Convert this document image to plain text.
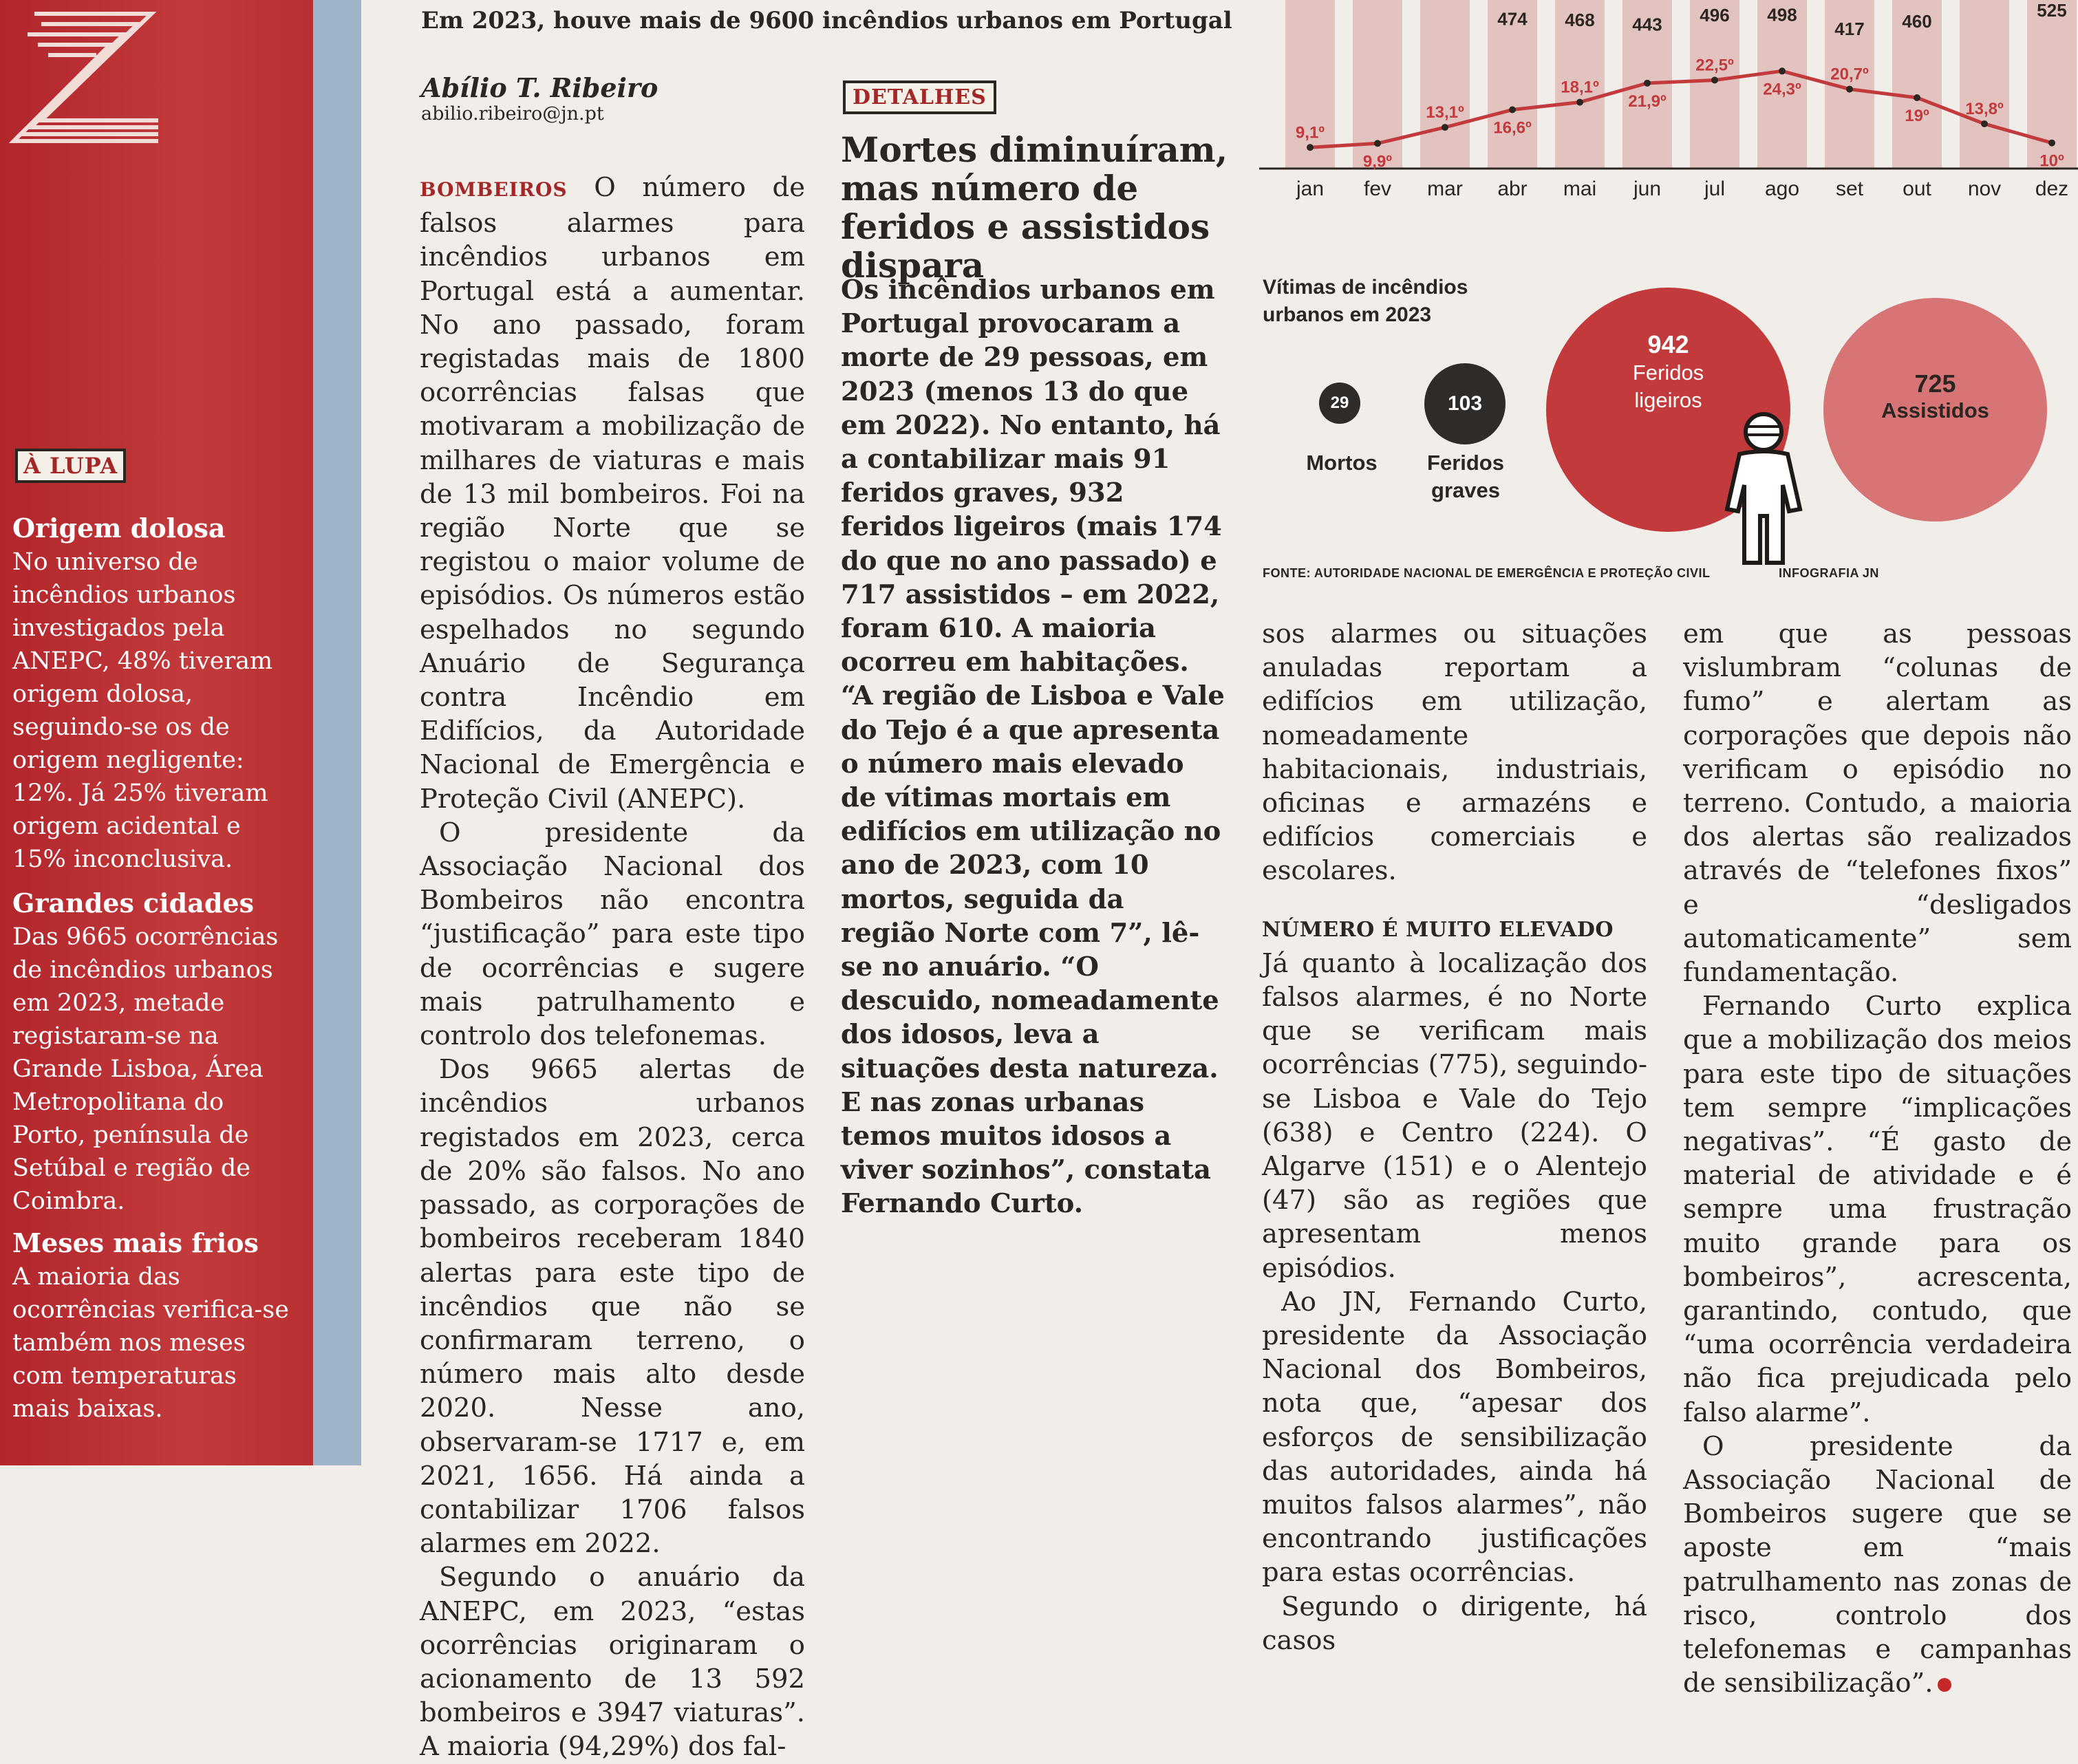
À LUPA
Origem dolosa
No universo de incêndios urbanos investigados pela ANEPC, 48% tiveram origem dolosa, seguindo-se os de origem negligente: 12%. Já 25% tiveram origem acidental e 15% inconclusiva.
Grandes cidades
Das 9665 ocorrências de incêndios urbanos em 2023, metade registaram-se na Grande Lisboa, Área Metropolitana do Porto, península de Setúbal e região de Coimbra.
Meses mais frios
A maioria das ocorrências verifica-se também nos meses com temperaturas mais baixas.
Em 2023, houve mais de 9600 incêndios urbanos em Portugal
Abílio T. Ribeiro
abilio.ribeiro@jn.pt

BOMBEIROS O número de falsos alarmes para incêndios urbanos em Portugal está a aumentar. No ano passado, foram registadas mais de 1800 ocorrências falsas que motivaram a mobilização de milhares de viaturas e mais de 13 mil bombeiros. Foi na região Norte que se registou o maior volume de episódios. Os números estão espelhados no segundo Anuário de Segurança contra Incêndio em Edifícios, da Autoridade Nacional de Emergência e Proteção Civil (ANEPC).

O presidente da Associação Nacional dos Bombeiros não encontra “justificação” para este tipo de ocorrências e sugere mais patrulhamento e controlo dos telefonemas.

Dos 9665 alertas de incêndios urbanos registados em 2023, cerca de 20% são falsos. No ano passado, as corporações de bombeiros receberam 1840 alertas para este tipo de incêndios que não se confirmaram terreno, o número mais alto desde 2020. Nesse ano, observaram-se 1717 e, em 2021, 1656. Há ainda a contabilizar 1706 falsos alarmes em 2022.

Segundo o anuário da ANEPC, em 2023, “estas ocorrências originaram o acionamento de 13 592 bombeiros e 3947 viaturas”. A maioria (94,29%) dos fal-

DETALHES
Mortes diminuíram, mas número de feridos e assistidos dispara
Os incêndios urbanos em Portugal provocaram a morte de 29 pessoas, em 2023 (menos 13 do que em 2022). No entanto, há a contabilizar mais 91 feridos graves, 932 feridos ligeiros (mais 174 do que no ano passado) e 717 assistidos – em 2022, foram 610. A maioria ocorreu em habitações. “A região de Lisboa e Vale do Tejo é a que apresenta o número mais elevado de vítimas mortais em edifícios em utilização no ano de 2023, com 10 mortos, seguida da região Norte com 7”, lê-se no anuário. “O descuido, nomeadamente dos idosos, leva a situações desta natureza. E nas zonas urbanas temos muitos idosos a viver sozinhos”, constata Fernando Curto.
jan fev mar abr mai jun jul ago set out nov dez
474 468 443 496 498
417 460
525
9,1º
9,9º
13,1º
16,6º
18,1º
21,9º
22,5º
24,3º
20,7º
19º 13,8º
10º
Vítimas de incêndios urbanos em 2023
29
Mortos
103
Feridos graves
942
Feridos ligeiros
725
Assistidos
FONTE: AUTORIDADE NACIONAL DE EMERGÊNCIA E PROTEÇÃO CIVIL	INFOGRAFIA JN

sos alarmes ou situações anuladas reportam a edifícios em utilização, nomeadamente habitacionais, industriais, oficinas e armazéns e edifícios comerciais e escolares.

NÚMERO É MUITO ELEVADO

Já quanto à localização dos falsos alarmes, é no Norte que se verificam mais ocorrências (775), seguindo-se Lisboa e Vale do Tejo (638) e Centro (224). O Algarve (151) e o Alentejo (47) são as regiões que apresentam menos episódios.

Ao JN, Fernando Curto, presidente da Associação Nacional dos Bombeiros, nota que, “apesar dos esforços de sensibilização das autoridades, ainda há muitos falsos alarmes”, não encontrando justificações para estas ocorrências.

Segundo o dirigente, há casos

em que as pessoas vislumbram “colunas de fumo” e alertam as corporações que depois não verificam o episódio no terreno. Contudo, a maioria dos alertas são realizados através de “telefones fixos” e “desligados automaticamente” sem fundamentação.

Fernando Curto explica que a mobilização dos meios para este tipo de situações tem sempre “implicações negativas”. “É gasto de material de atividade e é sempre uma frustração muito grande para os bombeiros”, acrescenta, garantindo, contudo, que “uma ocorrência verdadeira não fica prejudicada pelo falso alarme”.

O presidente da Associação Nacional de Bombeiros sugere que se aposte em “mais patrulhamento nas zonas de risco, controlo dos telefonemas e campanhas de sensibilização”.
